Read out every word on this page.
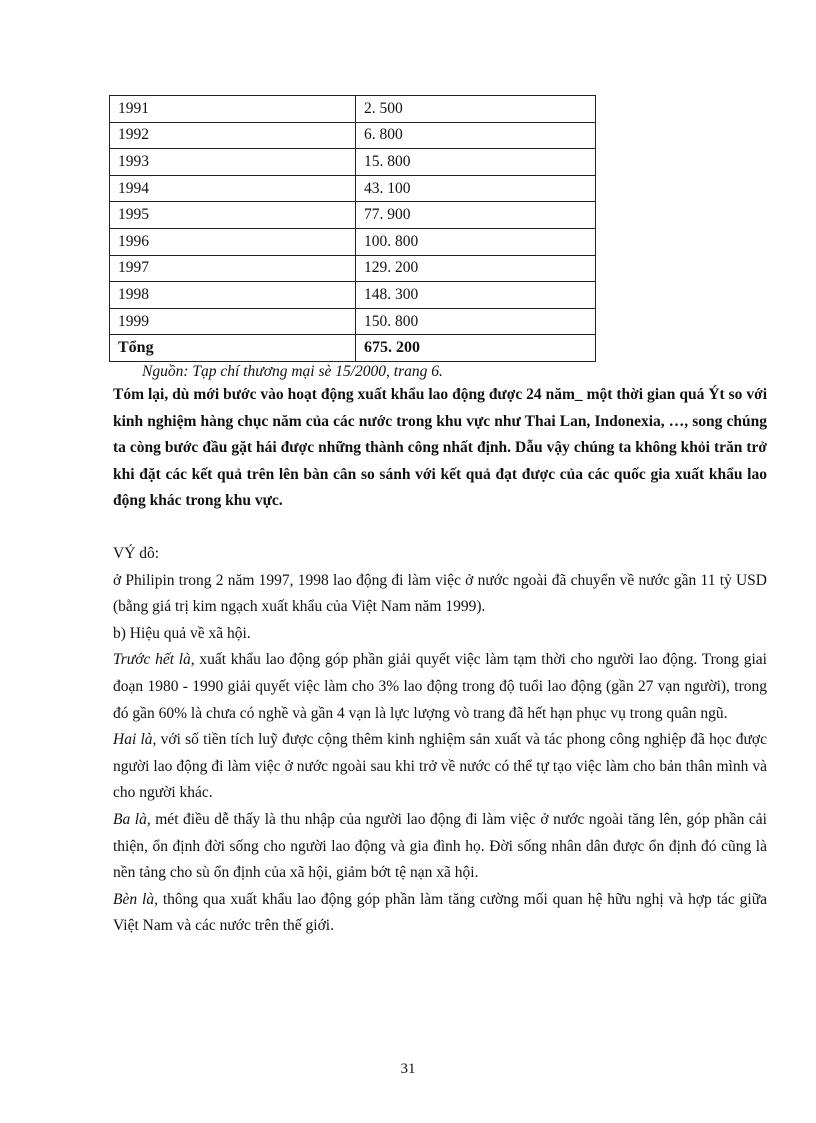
1991	2. 500
1992	6. 800
1993	15. 800
1994	43. 100
1995	77. 900
1996	100. 800
1997	129. 200
1998	148. 300
1999	150. 800
Tổng	675. 200
Nguồn: Tạp chí thương mại sè 15/2000, trang 6.
Tóm lại, dù mới bước vào hoạt động xuất khẩu lao động được 24 năm_ một thời gian quá Ýt so với kinh nghiệm hàng chục năm của các nước trong khu vực như Thai Lan, Indonexia, …, song chúng ta còng bước đầu gặt hái được những thành công nhất định. Dẫu vậy chúng ta không khỏi trăn trở khi đặt các kết quả trên lên bàn cân so sánh với kết quả đạt được của các quốc gia xuất khẩu lao động khác trong khu vực.

VÝ dô:

ở Philipin trong 2 năm 1997, 1998 lao động đi làm việc ở nước ngoài đã chuyển về nước gần 11 tỷ USD (bằng giá trị kim ngạch xuất khẩu của Việt Nam năm 1999).

b) Hiệu quả về xã hội.

Trước hết là, xuất khẩu lao động góp phần giải quyết việc làm tạm thời cho người lao động. Trong giai đoạn 1980 - 1990 giải quyết việc làm cho 3% lao động trong độ tuổi lao động (gần 27 vạn người), trong đó gần 60% là chưa có nghề và gần 4 vạn là lực lượng vò trang đã hết hạn phục vụ trong quân ngũ.

Hai là, với số tiền tích luỹ được cộng thêm kinh nghiệm sản xuất và tác phong công nghiệp đã học được người lao động đi làm việc ở nước ngoài sau khi trở về nước có thể tự tạo việc làm cho bản thân mình và cho người khác.

Ba là, mét điều dễ thấy là thu nhập của người lao động đi làm việc ở nước ngoài tăng lên, góp phần cải thiện, ổn định đời sống cho người lao động và gia đình họ. Đời sống nhân dân được ổn định đó cũng là nền tảng cho sù ổn định của xã hội, giảm bớt tệ nạn xã hội.

Bèn là, thông qua xuất khẩu lao động góp phần làm tăng cường mối quan hệ hữu nghị và hợp tác giữa Việt Nam và các nước trên thế giới.

31
